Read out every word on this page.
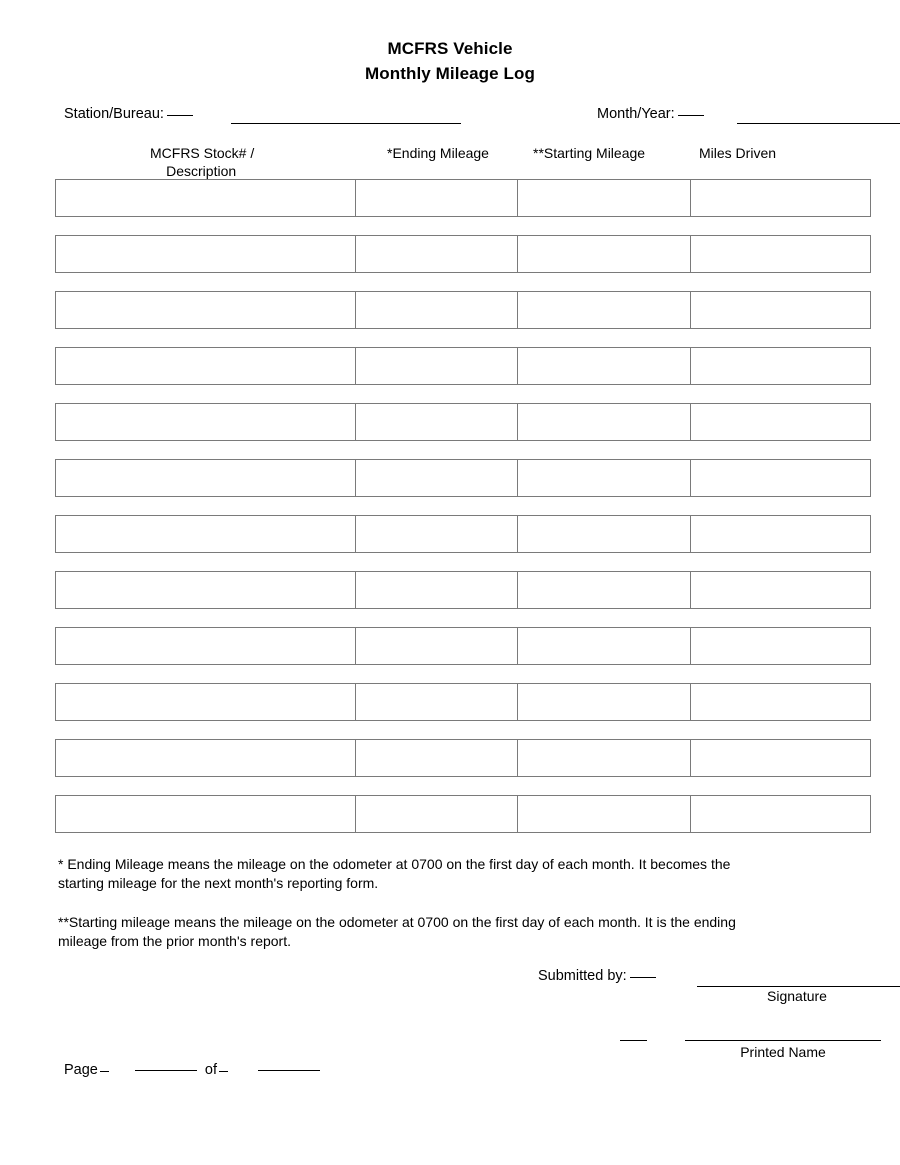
MCFRS Vehicle
Monthly Mileage Log
Station/Bureau:	Month/Year:
MCFRS Stock# /
Description
*Ending Mileage	**Starting Mileage	Miles Driven

* Ending Mileage means the mileage on the odometer at 0700 on the first day of each month. It becomes the starting mileage for the next month's reporting form.

**Starting mileage means the mileage on the odometer at 0700 on the first day of each month. It is the ending mileage from the prior month's report.

Submitted by:
Signature
Printed Name
Page	of
